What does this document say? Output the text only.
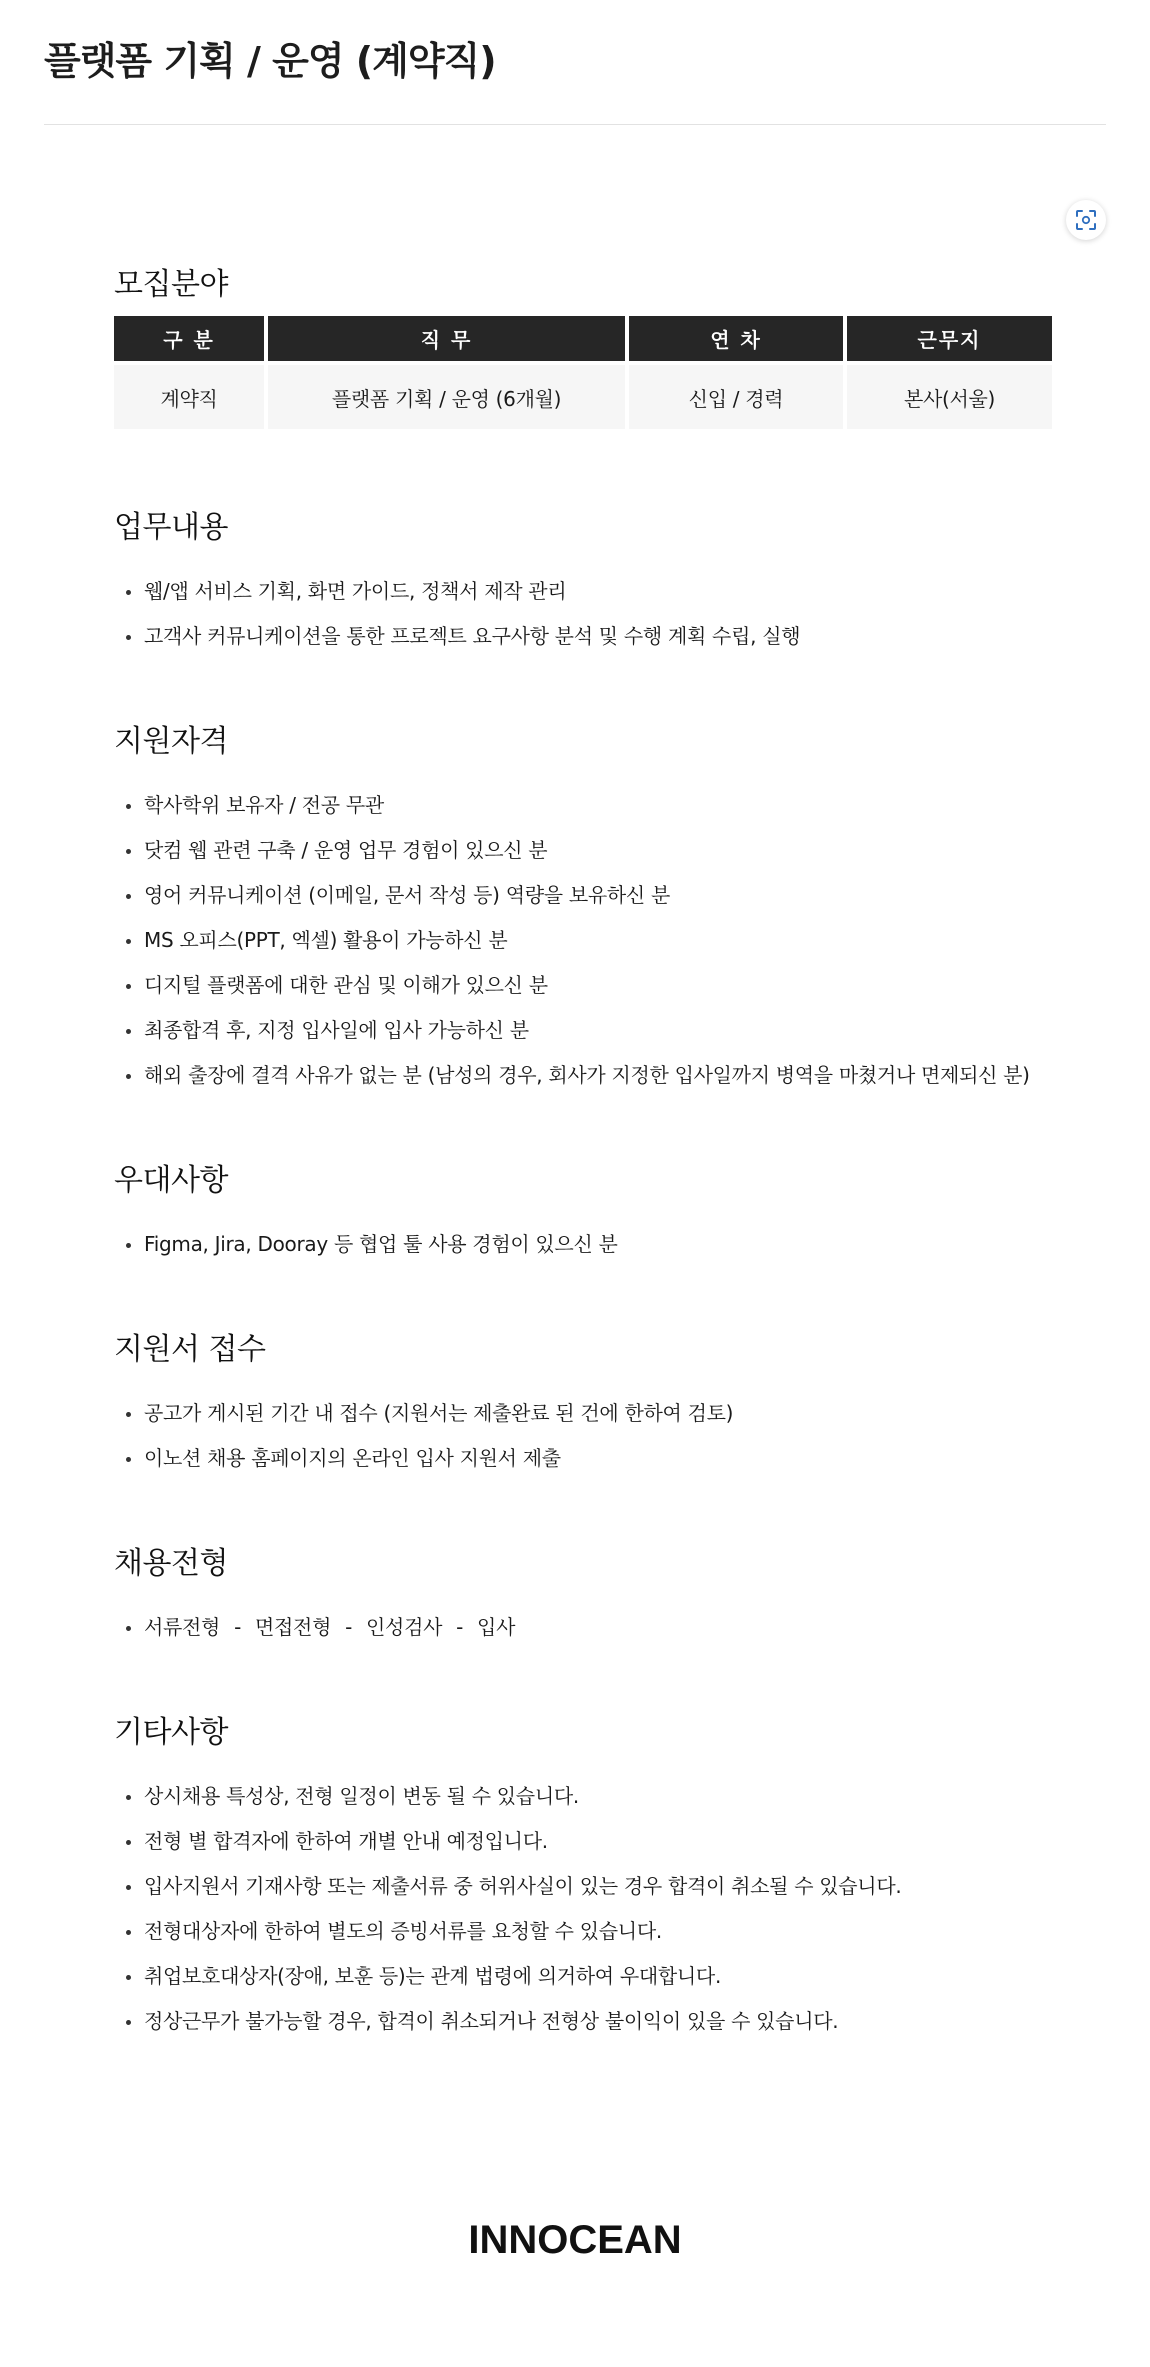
플랫폼 기획 / 운영 (계약직)
모집분야
구 분	직 무	연 차	근무지
계약직	플랫폼 기획 / 운영 (6개월)	신입 / 경력	본사(서울)
업무내용
웹/앱 서비스 기획, 화면 가이드, 정책서 제작 관리
고객사 커뮤니케이션을 통한 프로젝트 요구사항 분석 및 수행 계획 수립, 실행
지원자격
학사학위 보유자 / 전공 무관
닷컴 웹 관련 구축 / 운영 업무 경험이 있으신 분
영어 커뮤니케이션 (이메일, 문서 작성 등) 역량을 보유하신 분
MS 오피스(PPT, 엑셀) 활용이 가능하신 분
디지털 플랫폼에 대한 관심 및 이해가 있으신 분
최종합격 후, 지정 입사일에 입사 가능하신 분
해외 출장에 결격 사유가 없는 분 (남성의 경우, 회사가 지정한 입사일까지 병역을 마쳤거나 면제되신 분)
우대사항
Figma, Jira, Dooray 등 협업 툴 사용 경험이 있으신 분
지원서 접수
공고가 게시된 기간 내 접수 (지원서는 제출완료 된 건에 한하여 검토)
이노션 채용 홈페이지의 온라인 입사 지원서 제출
채용전형
서류전형 - 면접전형 - 인성검사 - 입사
기타사항
상시채용 특성상, 전형 일정이 변동 될 수 있습니다.
전형 별 합격자에 한하여 개별 안내 예정입니다.
입사지원서 기재사항 또는 제출서류 중 허위사실이 있는 경우 합격이 취소될 수 있습니다.
전형대상자에 한하여 별도의 증빙서류를 요청할 수 있습니다.
취업보호대상자(장애, 보훈 등)는 관계 법령에 의거하여 우대합니다.
정상근무가 불가능할 경우, 합격이 취소되거나 전형상 불이익이 있을 수 있습니다.
INNOCEAN
